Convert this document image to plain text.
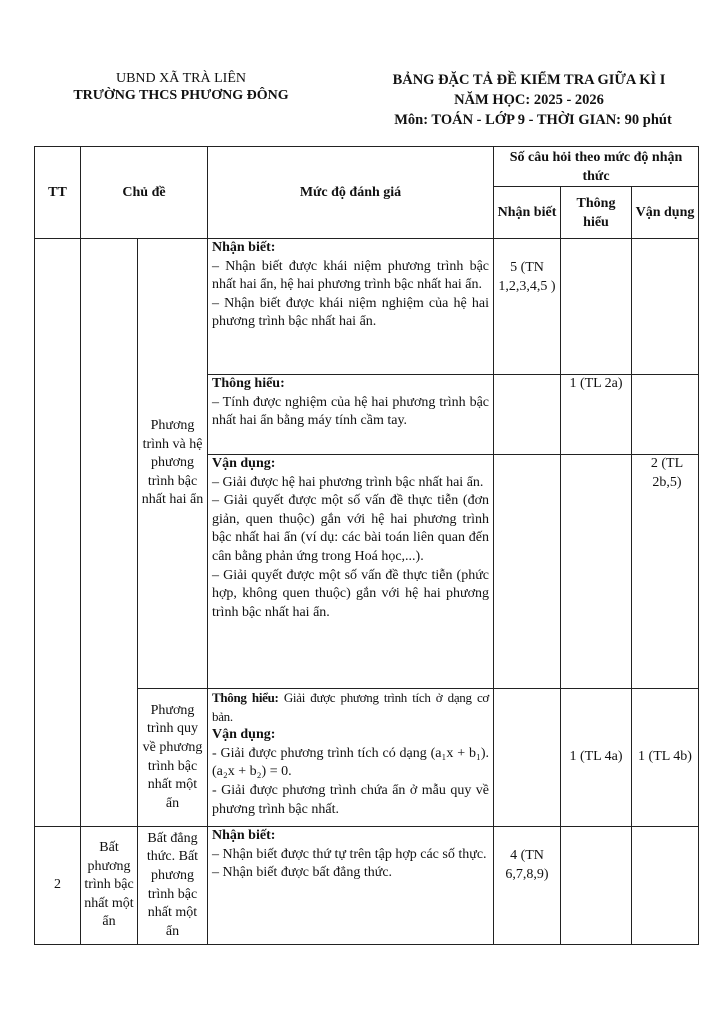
UBND XÃ TRÀ LIÊN
TRƯỜNG THCS PHƯƠNG ĐÔNG
BẢNG ĐẶC TẢ ĐỀ KIỂM TRA GIỮA KÌ I
NĂM HỌC: 2025 - 2026
Môn: TOÁN - LỚP 9 - THỜI GIAN: 90 phút
TT	Chủ đề		Mức độ đánh giá	Số câu hỏi theo mức độ nhận thức		
				Nhận biết	Thông hiểu	Vận dụng
		Phương trình và hệ phương trình bậc nhất hai ẩn	Nhận biết:
– Nhận biết được khái niệm phương trình bậc nhất hai ẩn, hệ hai phương trình bậc nhất hai ẩn.
– Nhận biết được khái niệm nghiệm của hệ hai phương trình bậc nhất hai ẩn.	5 (TN 1,2,3,4,5 )		

			Thông hiểu:
– Tính được nghiệm của hệ hai phương trình bậc nhất hai ẩn bằng máy tính cầm tay.		1 (TL 2a)	

			Vận dụng:
– Giải được hệ hai phương trình bậc nhất hai ẩn.
– Giải quyết được một số vấn đề thực tiễn (đơn giản, quen thuộc) gắn với hệ hai phương trình bậc nhất hai ẩn (ví dụ: các bài toán liên quan đến cân bằng phản ứng trong Hoá học,...).
– Giải quyết được một số vấn đề thực tiễn (phức hợp, không quen thuộc) gắn với hệ hai phương trình bậc nhất hai ẩn.			2 (TL 2b,5)
		Phương trình quy về phương trình bậc nhất một ẩn	Thông hiểu: Giải được phương trình tích ở dạng cơ bản.
Vận dụng:
- Giải được phương trình tích có dạng (a₁x + b₁).(a₂x + b₂) = 0.
- Giải được phương trình chứa ẩn ở mẫu quy về phương trình bậc nhất.		1 (TL 4a)	1 (TL 4b)
2	Bất phương trình bậc nhất một ẩn	Bất đẳng thức. Bất phương trình bậc nhất một ẩn	Nhận biết:
– Nhận biết được thứ tự trên tập hợp các số thực.
– Nhận biết được bất đẳng thức.	4 (TN 6,7,8,9)		
